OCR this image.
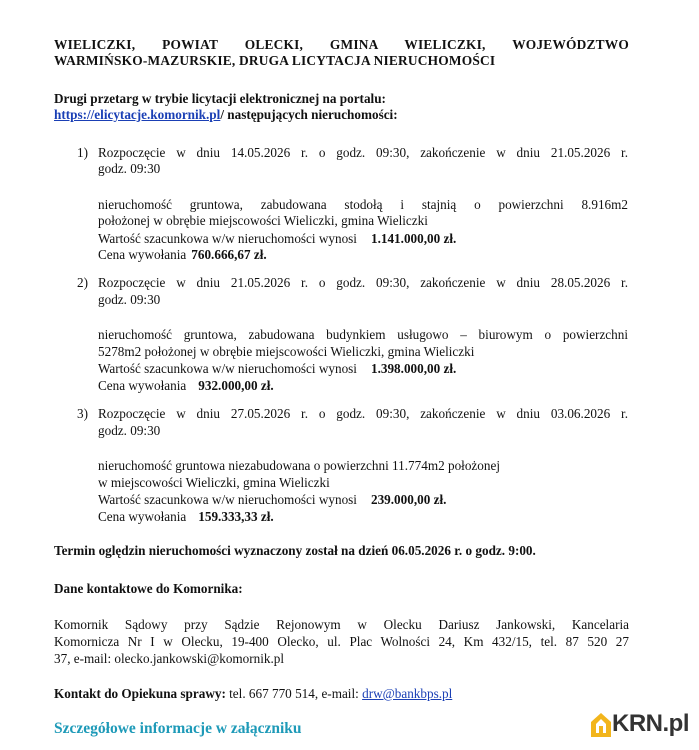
WIELICZKI, POWIAT OLECKI, GMINA WIELICZKI, WOJEWÓDZTWO
WARMIŃSKO-MAZURSKIE, DRUGA LICYTACJA NIERUCHOMOŚCI
Drugi przetarg w trybie licytacji elektronicznej na portalu:
https://elicytacje.komornik.pl/ następujących nieruchomości:
1) Rozpoczęcie w dniu 14.05.2026 r. o godz. 09:30, zakończenie w dniu 21.05.2026 r.
godz. 09:30
nieruchomość gruntowa, zabudowana stodołą i stajnią o powierzchni 8.916m2
położonej w obrębie miejscowości Wieliczki, gmina Wieliczki
Wartość szacunkowa w/w nieruchomości wynosi 1.141.000,00 zł.
Cena wywołania 760.666,67 zł.
2) Rozpoczęcie w dniu 21.05.2026 r. o godz. 09:30, zakończenie w dniu 28.05.2026 r.
godz. 09:30
nieruchomość gruntowa, zabudowana budynkiem usługowo – biurowym o powierzchni
5278m2 położonej w obrębie miejscowości Wieliczki, gmina Wieliczki
Wartość szacunkowa w/w nieruchomości wynosi 1.398.000,00 zł.
Cena wywołania 932.000,00 zł.
3) Rozpoczęcie w dniu 27.05.2026 r. o godz. 09:30, zakończenie w dniu 03.06.2026 r.
godz. 09:30
nieruchomość gruntowa niezabudowana o powierzchni 11.774m2 położonej
w miejscowości Wieliczki, gmina Wieliczki
Wartość szacunkowa w/w nieruchomości wynosi 239.000,00 zł.
Cena wywołania 159.333,33 zł.
Termin oględzin nieruchomości wyznaczony został na dzień 06.05.2026 r. o godz. 9:00.
Dane kontaktowe do Komornika:
Komornik Sądowy przy Sądzie Rejonowym w Olecku Dariusz Jankowski, Kancelaria
Komornicza Nr I w Olecku, 19-400 Olecko, ul. Plac Wolności 24, Km 432/15, tel. 87 520 27
37, e-mail: olecko.jankowski@komornik.pl
Kontakt do Opiekuna sprawy: tel. 667 770 514, e-mail: drw@bankbps.pl
Szczegółowe informacje w załączniku	KRN.pl
